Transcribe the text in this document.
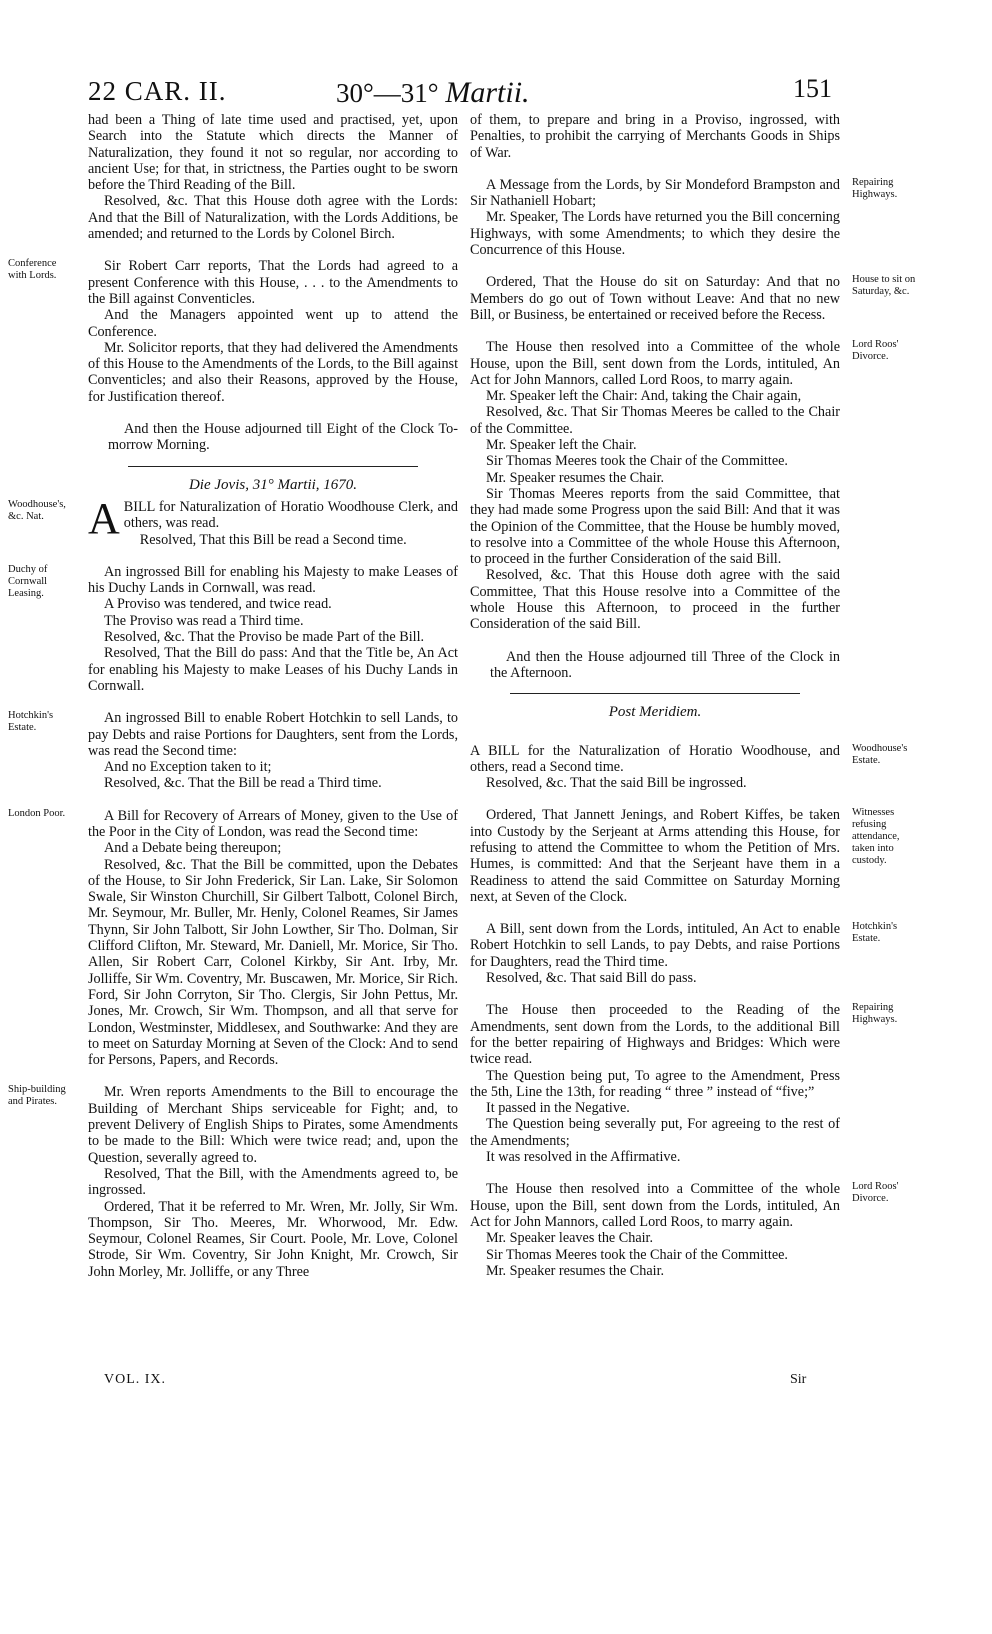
22 CAR. II.	30°—31° Martii.	151

had been a Thing of late time used and practised, yet, upon Search into the Statute which directs the Manner of Naturalization, they found it not so regular, nor according to ancient Use; for that, in strictness, the Parties ought to be sworn before the Third Reading of the Bill.

Resolved, &c. That this House doth agree with the Lords: And that the Bill of Naturalization, with the Lords Additions, be amended; and returned to the Lords by Colonel Birch.

Conference with Lords.

Sir Robert Carr reports, That the Lords had agreed to a present Conference with this House, . . . to the Amendments to the Bill against Conventicles.

And the Managers appointed went up to attend the Conference.

Mr. Solicitor reports, that they had delivered the Amendments of this House to the Amendments of the Lords, to the Bill against Conventicles; and also their Reasons, approved by the House, for Justification thereof.

And then the House adjourned till Eight of the Clock To-morrow Morning.

Die Jovis, 31° Martii, 1670.
Woodhouse's, &c. Nat.	ABILL for Naturalization of Horatio Woodhouse Clerk, and others, was read.

Resolved, That this Bill be read a Second time.

Duchy of Cornwall Leasing.

An ingrossed Bill for enabling his Majesty to make Leases of his Duchy Lands in Cornwall, was read.

A Proviso was tendered, and twice read.

The Proviso was read a Third time.

Resolved, &c. That the Proviso be made Part of the Bill.

Resolved, That the Bill do pass: And that the Title be, An Act for enabling his Majesty to make Leases of his Duchy Lands in Cornwall.

Hotchkin's Estate.

An ingrossed Bill to enable Robert Hotchkin to sell Lands, to pay Debts and raise Portions for Daughters, sent from the Lords, was read the Second time:

And no Exception taken to it;

Resolved, &c. That the Bill be read a Third time.

London Poor.	A Bill for Recovery of Arrears of Money, given to the Use of the Poor in the City of London, was read the Second time:

And a Debate being thereupon;

Resolved, &c. That the Bill be committed, upon the Debates of the House, to Sir John Frederick, Sir Lan. Lake, Sir Solomon Swale, Sir Winston Churchill, Sir Gilbert Talbott, Colonel Birch, Mr. Seymour, Mr. Buller, Mr. Henly, Colonel Reames, Sir James Thynn, Sir John Talbott, Sir John Lowther, Sir Tho. Dolman, Sir Clifford Clifton, Mr. Steward, Mr. Daniell, Mr. Morice, Sir Tho. Allen, Sir Robert Carr, Colonel Kirkby, Sir Ant. Irby, Mr. Jolliffe, Sir Wm. Coventry, Mr. Buscawen, Mr. Morice, Sir Rich. Ford, Sir John Corryton, Sir Tho. Clergis, Sir John Pettus, Mr. Jones, Mr. Crowch, Sir Wm. Thompson, and all that serve for London, Westminster, Middlesex, and Southwarke: And they are to meet on Saturday Morning at Seven of the Clock: And to send for Persons, Papers, and Records.

Ship-building and Pirates.

Mr. Wren reports Amendments to the Bill to encourage the Building of Merchant Ships serviceable for Fight; and, to prevent Delivery of English Ships to Pirates, some Amendments to be made to the Bill: Which were twice read; and, upon the Question, severally agreed to.

Resolved, That the Bill, with the Amendments agreed to, be ingrossed.

Ordered, That it be referred to Mr. Wren, Mr. Jolly, Sir Wm. Thompson, Sir Tho. Meeres, Mr. Whorwood, Mr. Edw. Seymour, Colonel Reames, Sir Court. Poole, Mr. Love, Colonel Strode, Sir Wm. Coventry, Sir John Knight, Mr. Crowch, Sir John Morley, Mr. Jolliffe, or any Three

of them, to prepare and bring in a Proviso, ingrossed, with Penalties, to prohibit the carrying of Merchants Goods in Ships of War.

Repairing Highways.

A Message from the Lords, by Sir Mondeford Brampston and Sir Nathaniell Hobart;

Mr. Speaker, The Lords have returned you the Bill concerning Highways, with some Amendments; to which they desire the Concurrence of this House.

House to sit on Saturday, &c.

Ordered, That the House do sit on Saturday: And that no Members do go out of Town without Leave: And that no new Bill, or Business, be entertained or received before the Recess.

Lord Roos' Divorce.

The House then resolved into a Committee of the whole House, upon the Bill, sent down from the Lords, intituled, An Act for John Mannors, called Lord Roos, to marry again.

Mr. Speaker left the Chair: And, taking the Chair again,

Resolved, &c. That Sir Thomas Meeres be called to the Chair of the Committee.

Mr. Speaker left the Chair.

Sir Thomas Meeres took the Chair of the Committee.

Mr. Speaker resumes the Chair.

Sir Thomas Meeres reports from the said Committee, that they had made some Progress upon the said Bill: And that it was the Opinion of the Committee, that the House be humbly moved, to resolve into a Committee of the whole House this Afternoon, to proceed in the further Consideration of the said Bill.

Resolved, &c. That this House doth agree with the said Committee, That this House resolve into a Committee of the whole House this Afternoon, to proceed in the further Consideration of the said Bill.

And then the House adjourned till Three of the Clock in the Afternoon.

Post Meridiem.
Woodhouse's Estate.

A BILL for the Naturalization of Horatio Woodhouse, and others, read a Second time.

Resolved, &c. That the said Bill be ingrossed.

Witnesses refusing attendance, taken into custody.

Ordered, That Jannett Jenings, and Robert Kiffes, be taken into Custody by the Serjeant at Arms attending this House, for refusing to attend the Committee to whom the Petition of Mrs. Humes, is committed: And that the Serjeant have them in a Readiness to attend the said Committee on Saturday Morning next, at Seven of the Clock.

Hotchkin's Estate.

A Bill, sent down from the Lords, intituled, An Act to enable Robert Hotchkin to sell Lands, to pay Debts, and raise Portions for Daughters, read the Third time.

Resolved, &c. That said Bill do pass.

Repairing Highways.

The House then proceeded to the Reading of the Amendments, sent down from the Lords, to the additional Bill for the better repairing of Highways and Bridges: Which were twice read.

The Question being put, To agree to the Amendment, Press the 5th, Line the 13th, for reading “ three ” instead of “five;”

It passed in the Negative.

The Question being severally put, For agreeing to the rest of the Amendments;

It was resolved in the Affirmative.

Lord Roos' Divorce.

The House then resolved into a Committee of the whole House, upon the Bill, sent down from the Lords, intituled, An Act for John Mannors, called Lord Roos, to marry again.

Mr. Speaker leaves the Chair.

Sir Thomas Meeres took the Chair of the Committee.

Mr. Speaker resumes the Chair.

VOL. IX.	Sir
